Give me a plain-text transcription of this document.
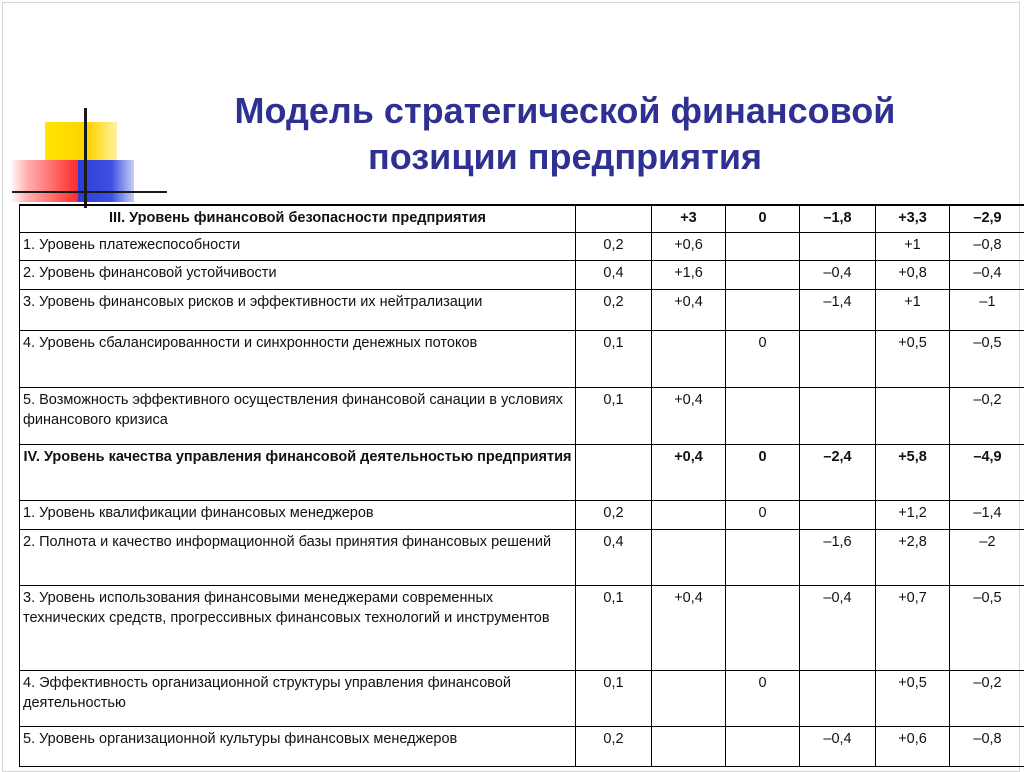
Модель стратегической финансовой
позиции предприятия
III. Уровень финансовой безопасности предприятия		+3	0	–1,8	+3,3	–2,9
1. Уровень платежеспособности	0,2	+0,6			+1	–0,8
2. Уровень финансовой устойчивости	0,4	+1,6		–0,4	+0,8	–0,4
3. Уровень финансовых рисков и эффективности их нейтрализации	0,2	+0,4		–1,4	+1	–1
4. Уровень сбалансированности и синхронности денежных потоков	0,1		0		+0,5	–0,5
5. Возможность эффективного осуществления финансовой санации в условиях финансового кризиса	0,1	+0,4				–0,2
IV. Уровень качества управления финансовой деятельностью предприятия		+0,4	0	–2,4	+5,8	–4,9
1. Уровень квалификации финансовых менеджеров	0,2		0		+1,2	–1,4
2. Полнота и качество информационной базы принятия финансовых решений	0,4			–1,6	+2,8	–2
3. Уровень использования финансовыми менеджерами современных технических средств, прогрессивных финансовых технологий и инструментов	0,1	+0,4		–0,4	+0,7	–0,5
4. Эффективность организационной структуры управления финансовой деятельностью	0,1		0		+0,5	–0,2
5. Уровень организационной культуры финансовых менеджеров	0,2			–0,4	+0,6	–0,8
